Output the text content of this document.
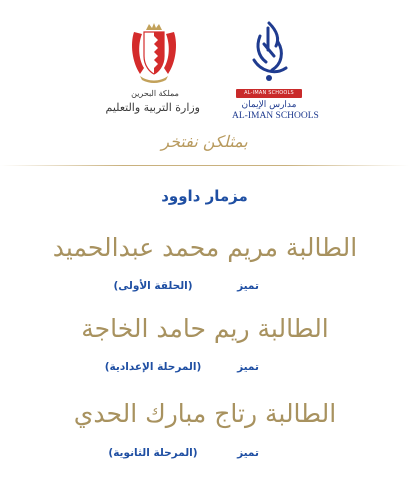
AL-IMAN SCHOOLS
مدارس الإيمان
AL-IMAN SCHOOLS
مملكة البحرين
وزارة التربية والتعليم
بمثلكن نفتخر
مزمار داوود
الطالبة مريم محمد عبدالحميد
تميز
(الحلقة الأولى)
الطالبة ريم حامد الخاجة
تميز
(المرحلة الإعدادية)
الطالبة رتاج مبارك الحدي
تميز
(المرحلة الثانوية)
